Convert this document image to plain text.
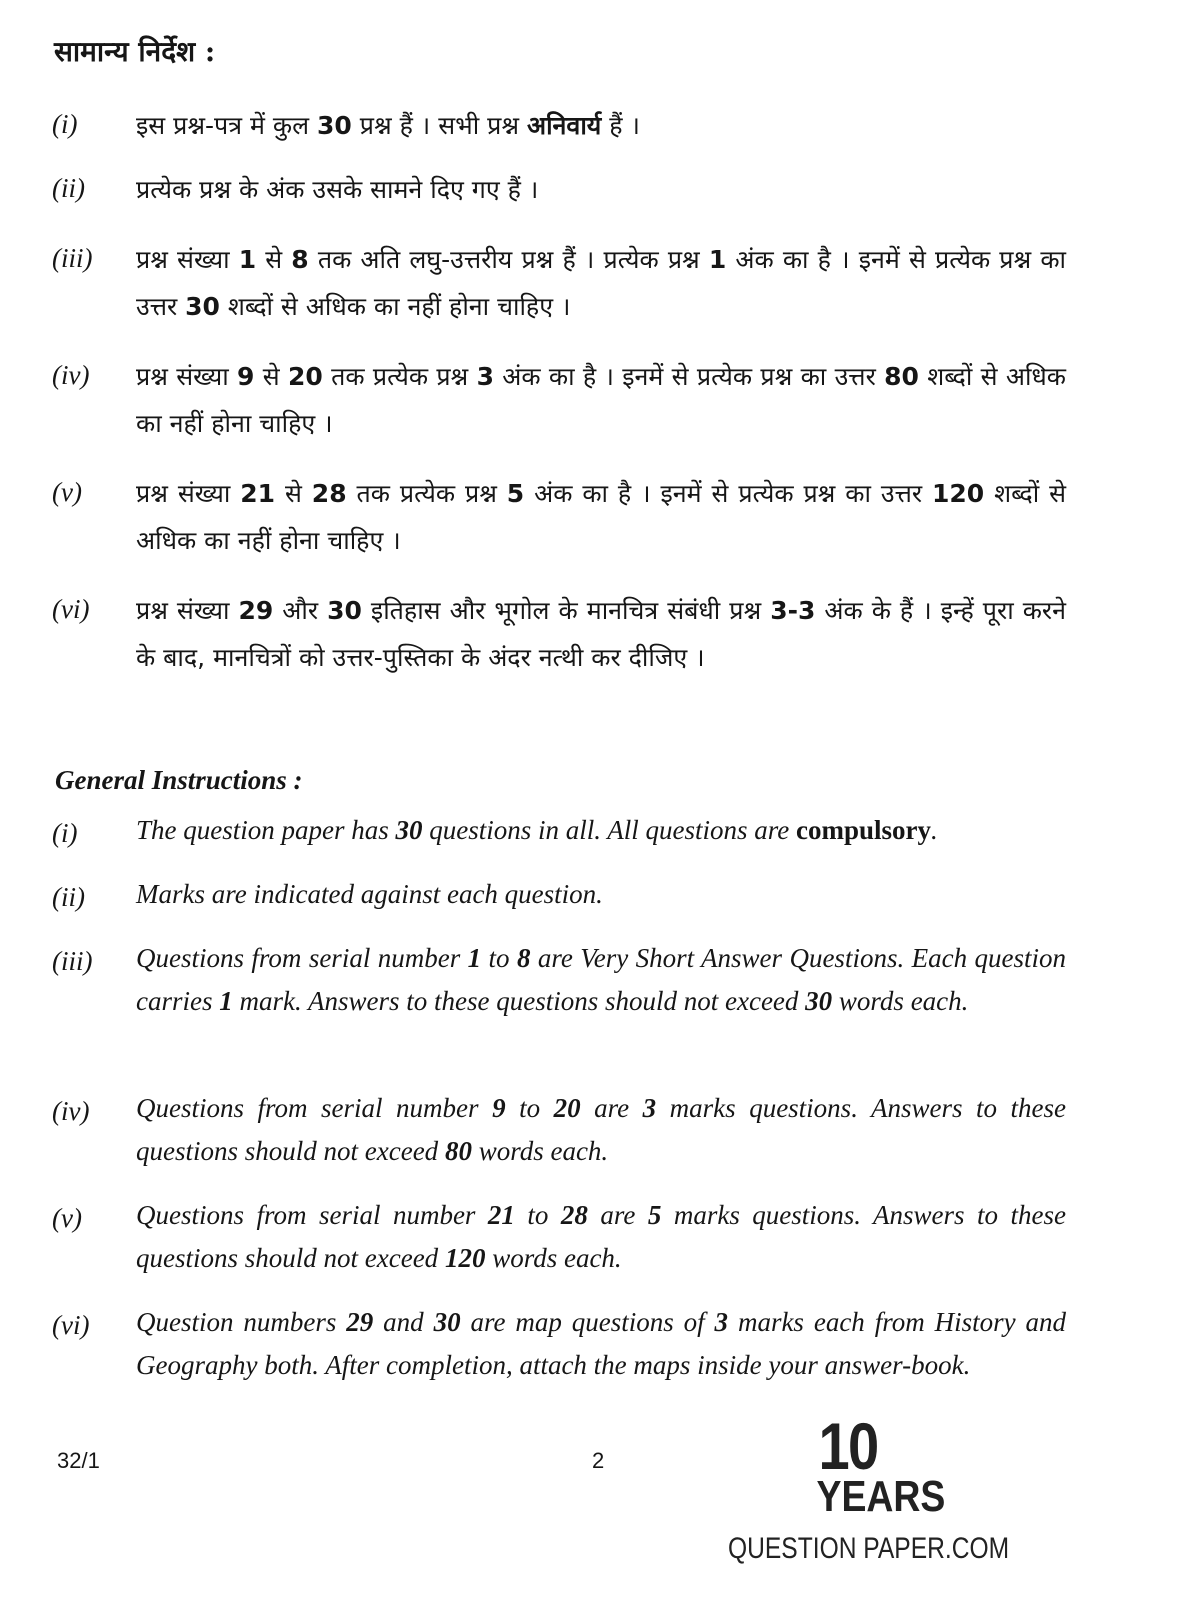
सामान्य निर्देश :
(i) इस प्रश्न-पत्र में कुल 30 प्रश्न हैं । सभी प्रश्न अनिवार्य हैं ।
(ii) प्रत्येक प्रश्न के अंक उसके सामने दिए गए हैं ।
(iii) प्रश्न संख्या 1 से 8 तक अति लघु-उत्तरीय प्रश्न हैं । प्रत्येक प्रश्न 1 अंक का है । इनमें से प्रत्येक प्रश्न का उत्तर 30 शब्दों से अधिक का नहीं होना चाहिए ।
(iv) प्रश्न संख्या 9 से 20 तक प्रत्येक प्रश्न 3 अंक का है । इनमें से प्रत्येक प्रश्न का उत्तर 80 शब्दों से अधिक का नहीं होना चाहिए ।
(v) प्रश्न संख्या 21 से 28 तक प्रत्येक प्रश्न 5 अंक का है । इनमें से प्रत्येक प्रश्न का उत्तर 120 शब्दों से अधिक का नहीं होना चाहिए ।
(vi) प्रश्न संख्या 29 और 30 इतिहास और भूगोल के मानचित्र संबंधी प्रश्न 3-3 अंक के हैं । इन्हें पूरा करने के बाद, मानचित्रों को उत्तर-पुस्तिका के अंदर नत्थी कर दीजिए ।
General Instructions :
(i) The question paper has 30 questions in all. All questions are compulsory.
(ii) Marks are indicated against each question.
(iii) Questions from serial number 1 to 8 are Very Short Answer Questions. Each question carries 1 mark. Answers to these questions should not exceed 30 words each.
(iv) Questions from serial number 9 to 20 are 3 marks questions. Answers to these questions should not exceed 80 words each.
(v) Questions from serial number 21 to 28 are 5 marks questions. Answers to these questions should not exceed 120 words each.
(vi) Question numbers 29 and 30 are map questions of 3 marks each from History and Geography both. After completion, attach the maps inside your answer-book.
32/1	2	10
YEARS
QUESTION PAPER.COM
